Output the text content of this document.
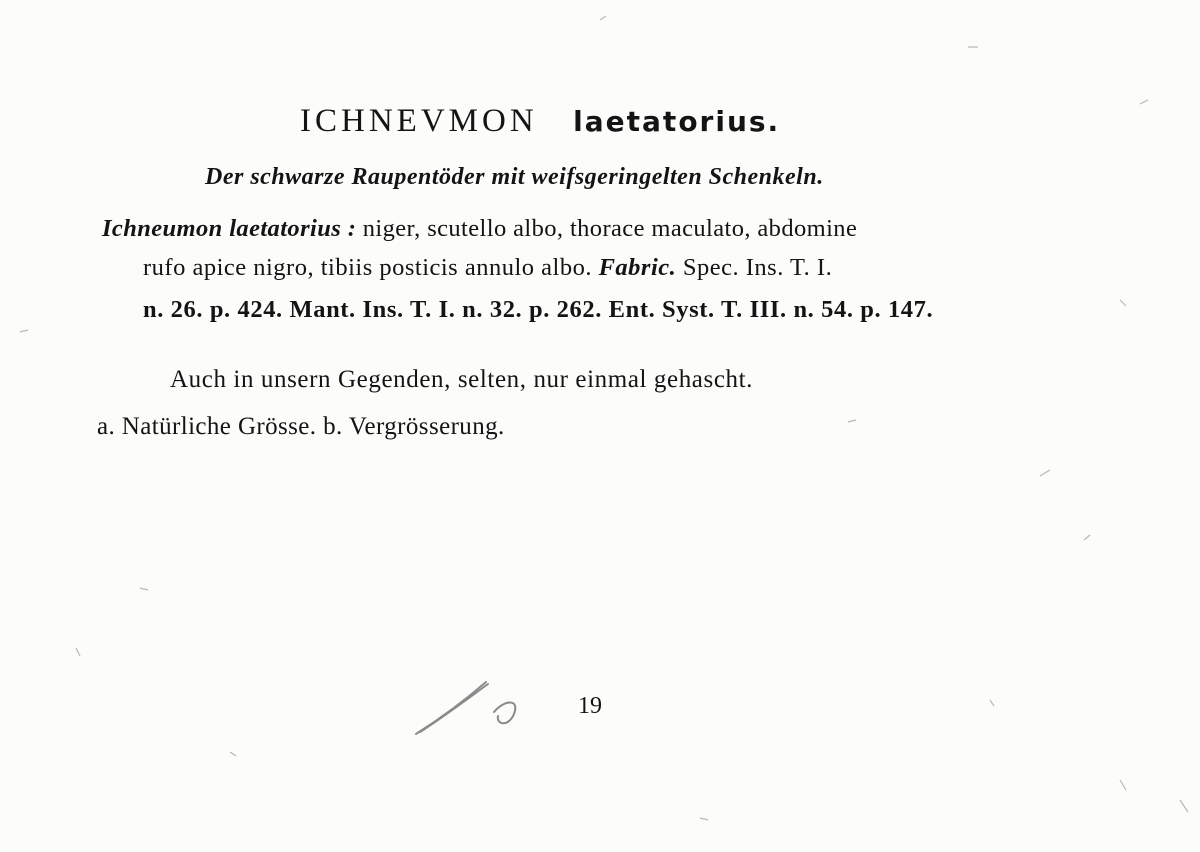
ICHNEVMON laetatorius.
Der schwarze Raupentöder mit weifsgeringelten Schenkeln.
Ichneumon laetatorius : niger, scutello albo, thorace maculato, abdomine
rufo apice nigro, tibiis posticis annulo albo. Fabric. Spec. Ins. T. I.
n. 26. p. 424. Mant. Ins. T. I. n. 32. p. 262. Ent. Syst. T. III. n. 54. p. 147.
Auch in unsern Gegenden, selten, nur einmal gehascht.
a. Natürliche Grösse. b. Vergrösserung.
19
